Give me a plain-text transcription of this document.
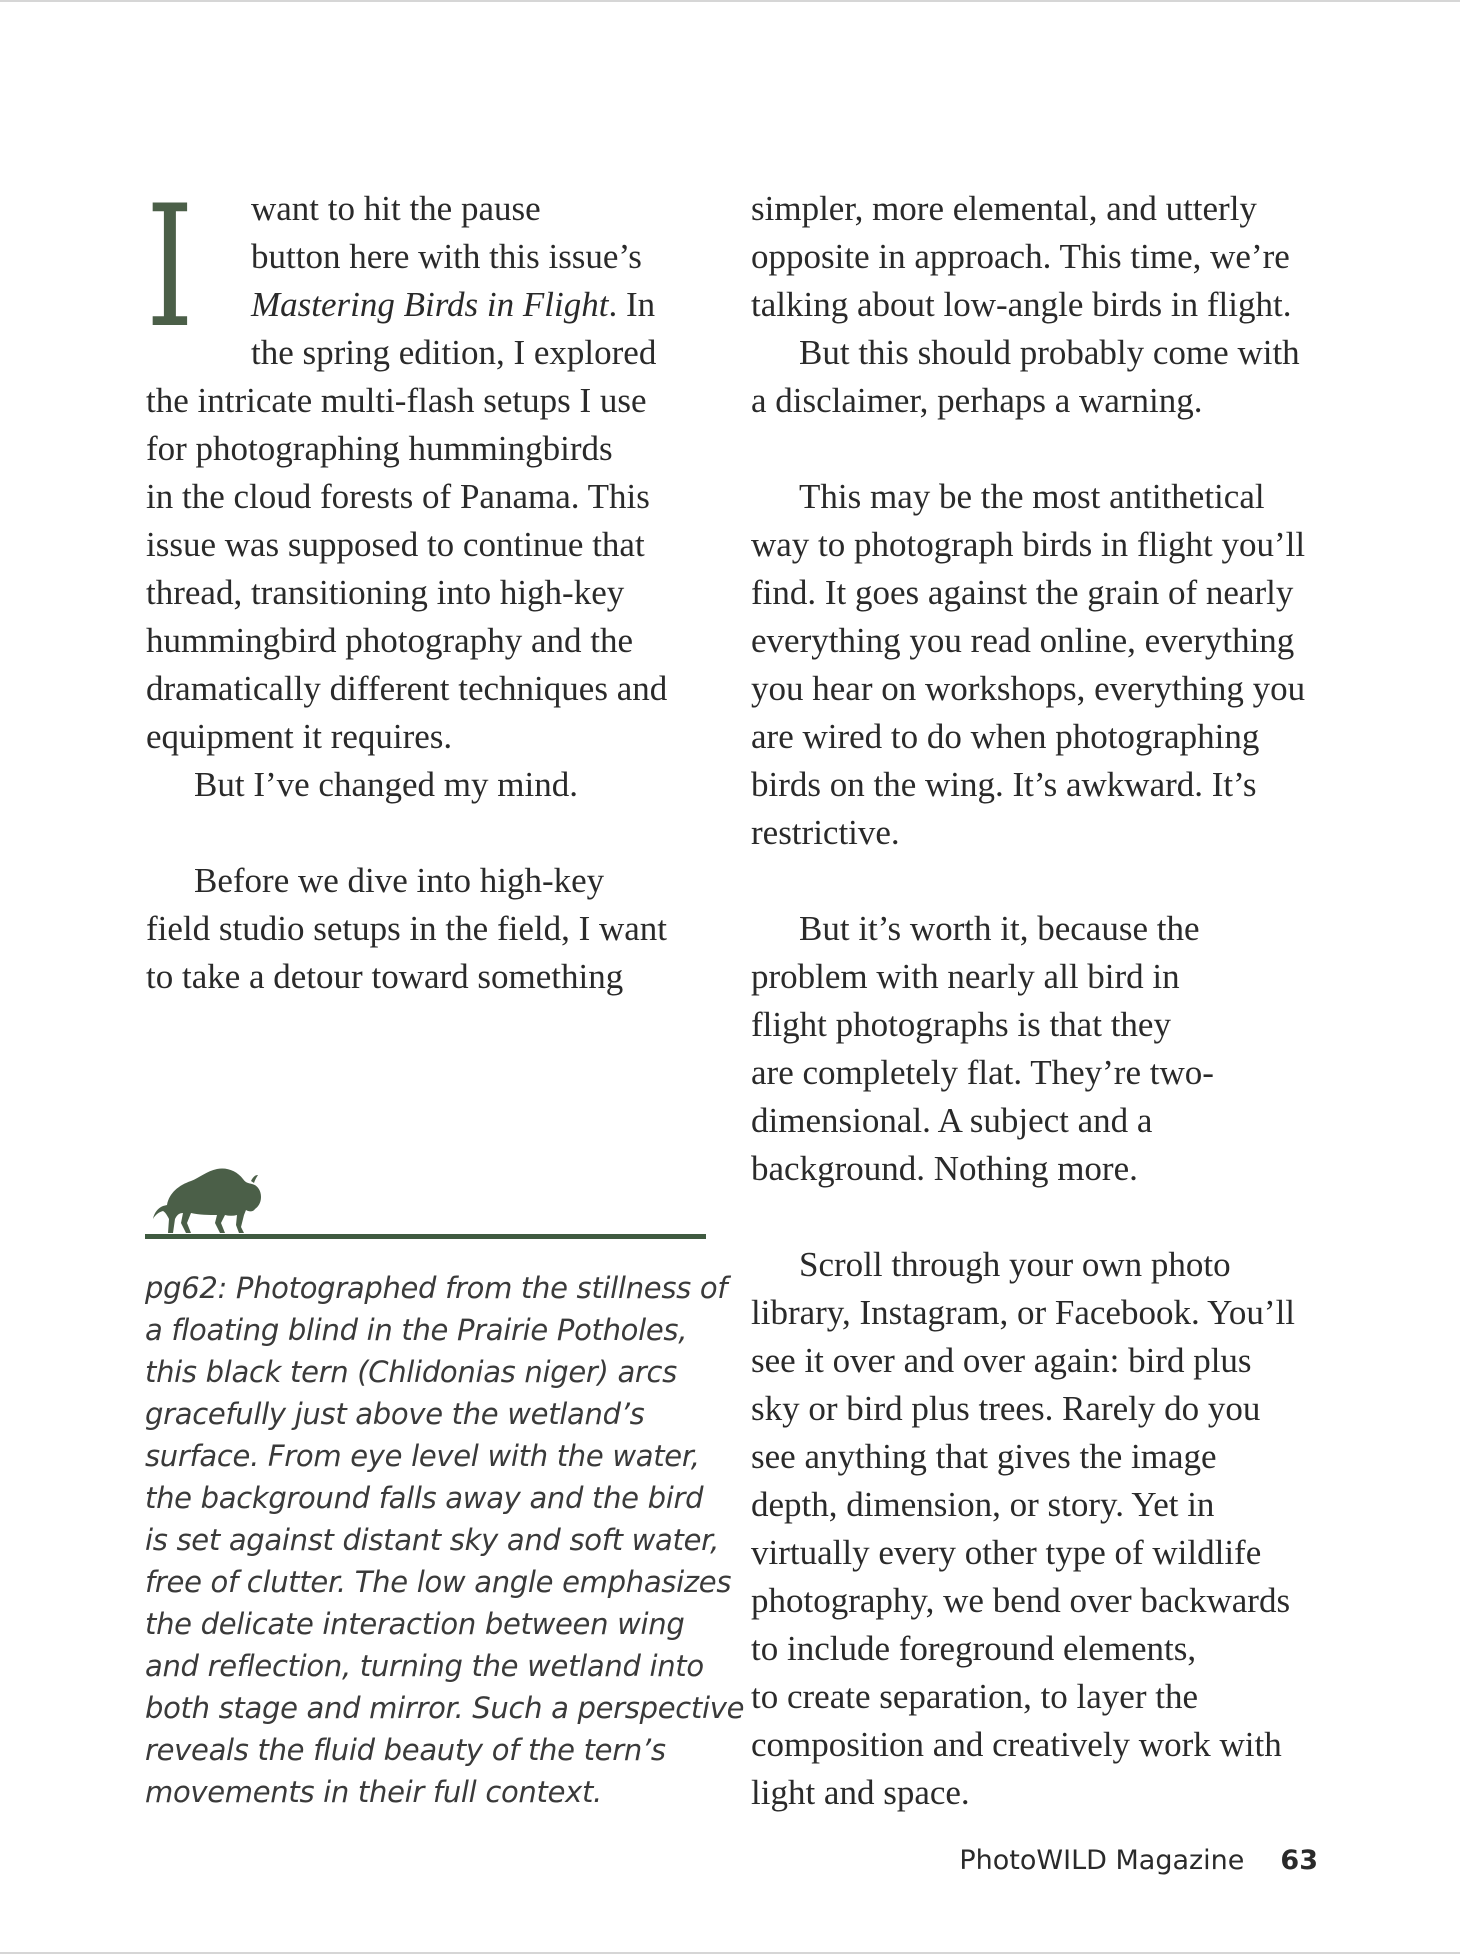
I	want to hit the pause
button here with this issue’s
Mastering Birds in Flight. In
the spring edition, I explored
the intricate multi-flash setups I use
for photographing hummingbirds
in the cloud forests of Panama. This
issue was supposed to continue that
thread, transitioning into high-key
hummingbird photography and the
dramatically different techniques and
equipment it requires.
But I’ve changed my mind.
Before we dive into high-key
field studio setups in the field, I want
to take a detour toward something
simpler, more elemental, and utterly
opposite in approach. This time, we’re
talking about low-angle birds in flight.
But this should probably come with
a disclaimer, perhaps a warning.
This may be the most antithetical
way to photograph birds in flight you’ll
find. It goes against the grain of nearly
everything you read online, everything
you hear on workshops, everything you
are wired to do when photographing
birds on the wing. It’s awkward. It’s
restrictive.
But it’s worth it, because the
problem with nearly all bird in
flight photographs is that they
are completely flat. They’re two-
dimensional. A subject and a
background. Nothing more.
Scroll through your own photo
library, Instagram, or Facebook. You’ll
see it over and over again: bird plus
sky or bird plus trees. Rarely do you
see anything that gives the image
depth, dimension, or story. Yet in
virtually every other type of wildlife
photography, we bend over backwards
to include foreground elements,
to create separation, to layer the
composition and creatively work with
light and space.
pg62: Photographed from the stillness of
a floating blind in the Prairie Potholes,
this black tern (Chlidonias niger) arcs
gracefully just above the wetland’s
surface. From eye level with the water,
the background falls away and the bird
is set against distant sky and soft water,
free of clutter. The low angle emphasizes
the delicate interaction between wing
and reflection, turning the wetland into
both stage and mirror. Such a perspective
reveals the fluid beauty of the tern’s
movements in their full context.
PhotoWILD Magazine 63
